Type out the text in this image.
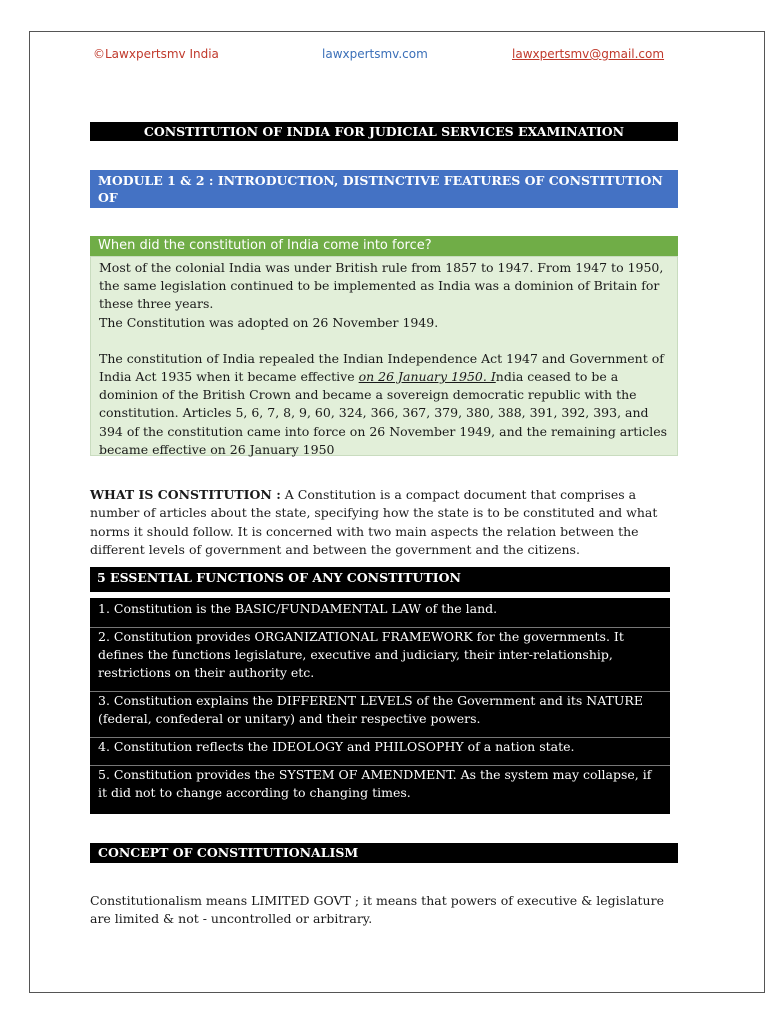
©Lawxpertsmv India	lawxpertsmv.com	lawxpertsmv@gmail.com
CONSTITUTION OF INDIA FOR JUDICIAL SERVICES EXAMINATION
MODULE 1 & 2 : INTRODUCTION, DISTINCTIVE FEATURES OF CONSTITUTION OF
INDIA INCLUDING PREAMBLE AND CITIZENSHIP
When did the constitution of India come into force?

Most of the colonial India was under British rule from 1857 to 1947. From 1947 to 1950, the same legislation continued to be implemented as India was a dominion of Britain for these three years.

The Constitution was adopted on 26 November 1949.

The constitution of India repealed the Indian Independence Act 1947 and Government of India Act 1935 when it became effective on 26 January 1950. India ceased to be a dominion of the British Crown and became a sovereign democratic republic with the constitution. Articles 5, 6, 7, 8, 9, 60, 324, 366, 367, 379, 380, 388, 391, 392, 393, and 394 of the constitution came into force on 26 November 1949, and the remaining articles became effective on 26 January 1950

WHAT IS CONSTITUTION : A Constitution is a compact document that comprises a number of articles about the state, specifying how the state is to be constituted and what norms it should follow. It is concerned with two main aspects the relation between the different levels of government and between the government and the citizens.
5 ESSENTIAL FUNCTIONS OF ANY CONSTITUTION
1. Constitution is the BASIC/FUNDAMENTAL LAW of the land.
2. Constitution provides ORGANIZATIONAL FRAMEWORK for the governments. It defines the functions legislature, executive and judiciary, their inter-relationship, restrictions on their authority etc.
3. Constitution explains the DIFFERENT LEVELS of the Government and its NATURE (federal, confederal or unitary) and their respective powers.
4. Constitution reflects the IDEOLOGY and PHILOSOPHY of a nation state.
5. Constitution provides the SYSTEM OF AMENDMENT. As the system may collapse, if it did not to change according to changing times.
CONCEPT OF CONSTITUTIONALISM
Constitutionalism means LIMITED GOVT ; it means that powers of executive & legislature are limited & not - uncontrolled or arbitrary.
